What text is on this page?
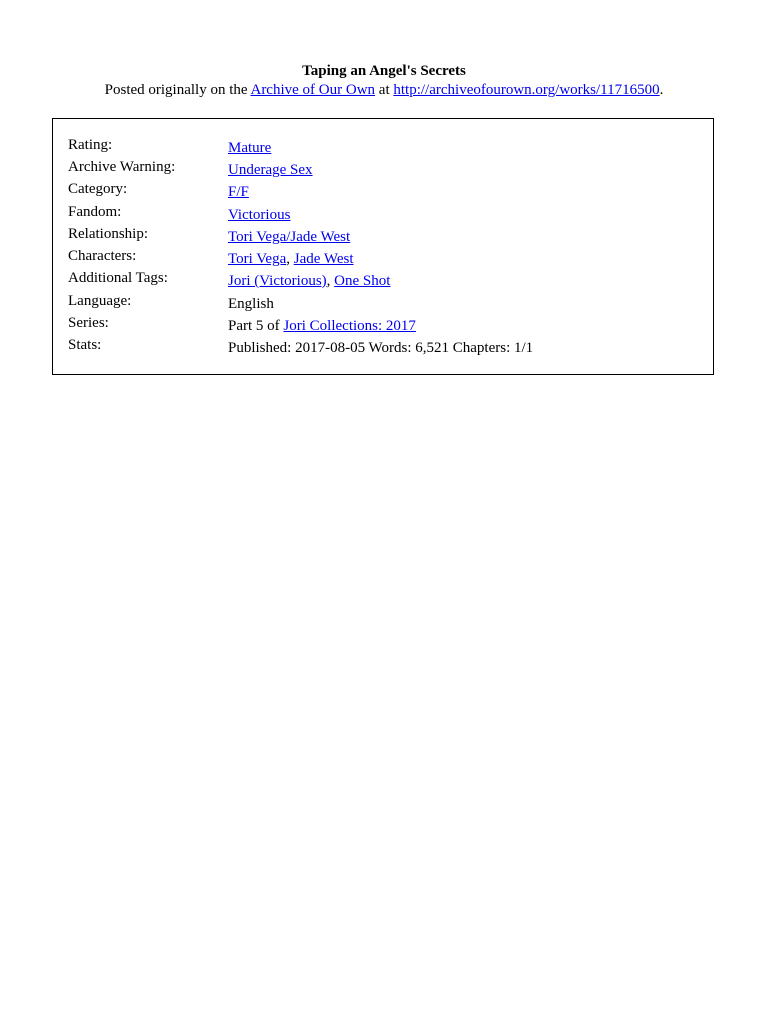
Taping an Angel's Secrets

Posted originally on the Archive of Our Own at http://archiveofourown.org/works/11716500.

Rating:	Mature
Archive Warning:	Underage Sex
Category:	F/F
Fandom:	Victorious
Relationship:	Tori Vega/Jade West
Characters:	Tori Vega, Jade West
Additional Tags:	Jori (Victorious), One Shot
Language:	English
Series:	Part 5 of Jori Collections: 2017
Stats:	Published: 2017-08-05 Words: 6,521 Chapters: 1/1
